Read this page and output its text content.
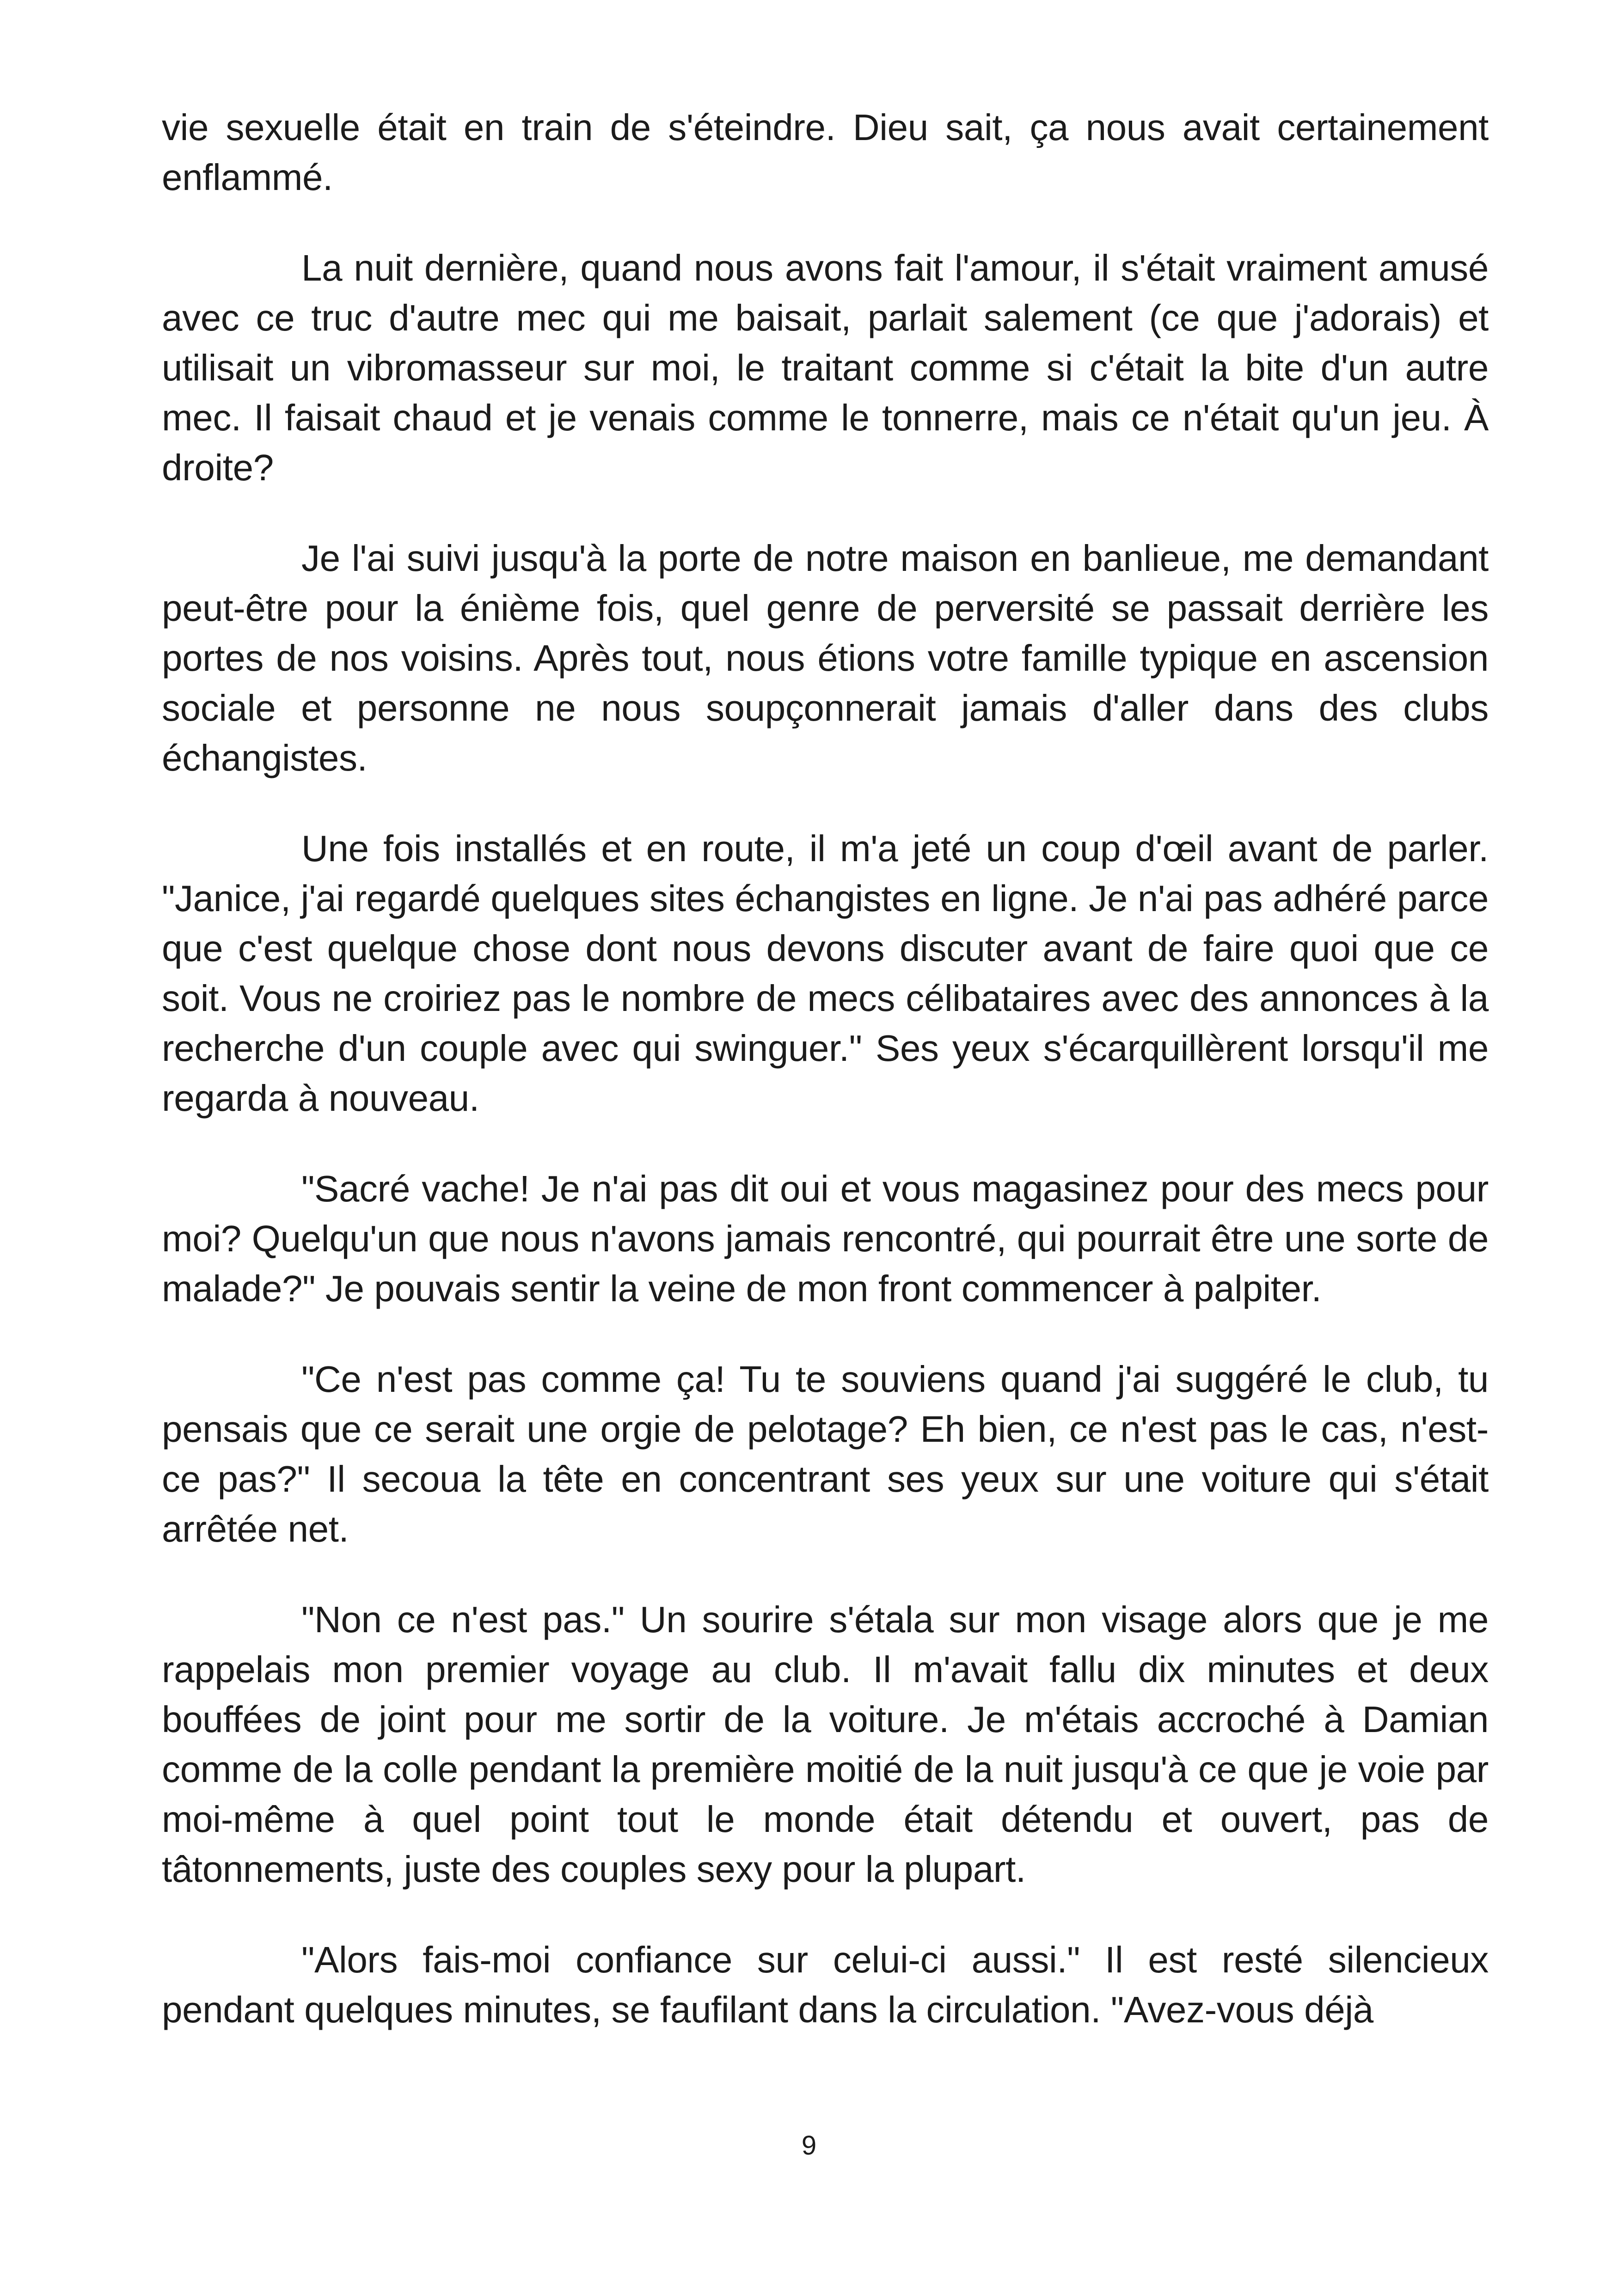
vie sexuelle était en train de s'éteindre. Dieu sait, ça nous avait certainement enflammé.

La nuit dernière, quand nous avons fait l'amour, il s'était vraiment amusé avec ce truc d'autre mec qui me baisait, parlait salement (ce que j'adorais) et utilisait un vibromasseur sur moi, le traitant comme si c'était la bite d'un autre mec. Il faisait chaud et je venais comme le tonnerre, mais ce n'était qu'un jeu. À droite?

Je l'ai suivi jusqu'à la porte de notre maison en banlieue, me demandant peut-être pour la énième fois, quel genre de perversité se passait derrière les portes de nos voisins. Après tout, nous étions votre famille typique en ascension sociale et personne ne nous soupçonnerait jamais d'aller dans des clubs échangistes.

Une fois installés et en route, il m'a jeté un coup d'œil avant de parler. "Janice, j'ai regardé quelques sites échangistes en ligne. Je n'ai pas adhéré parce que c'est quelque chose dont nous devons discuter avant de faire quoi que ce soit. Vous ne croiriez pas le nombre de mecs célibataires avec des annonces à la recherche d'un couple avec qui swinguer." Ses yeux s'écarquillèrent lorsqu'il me regarda à nouveau.

"Sacré vache! Je n'ai pas dit oui et vous magasinez pour des mecs pour moi? Quelqu'un que nous n'avons jamais rencontré, qui pourrait être une sorte de malade?" Je pouvais sentir la veine de mon front commencer à palpiter.

"Ce n'est pas comme ça! Tu te souviens quand j'ai suggéré le club, tu pensais que ce serait une orgie de pelotage? Eh bien, ce n'est pas le cas, n'est-ce pas?" Il secoua la tête en concentrant ses yeux sur une voiture qui s'était arrêtée net.

"Non ce n'est pas." Un sourire s'étala sur mon visage alors que je me rappelais mon premier voyage au club. Il m'avait fallu dix minutes et deux bouffées de joint pour me sortir de la voiture. Je m'étais accroché à Damian comme de la colle pendant la première moitié de la nuit jusqu'à ce que je voie par moi-même à quel point tout le monde était détendu et ouvert, pas de tâtonnements, juste des couples sexy pour la plupart.

"Alors fais-moi confiance sur celui-ci aussi." Il est resté silencieux pendant quelques minutes, se faufilant dans la circulation. "Avez-vous déjà

9
